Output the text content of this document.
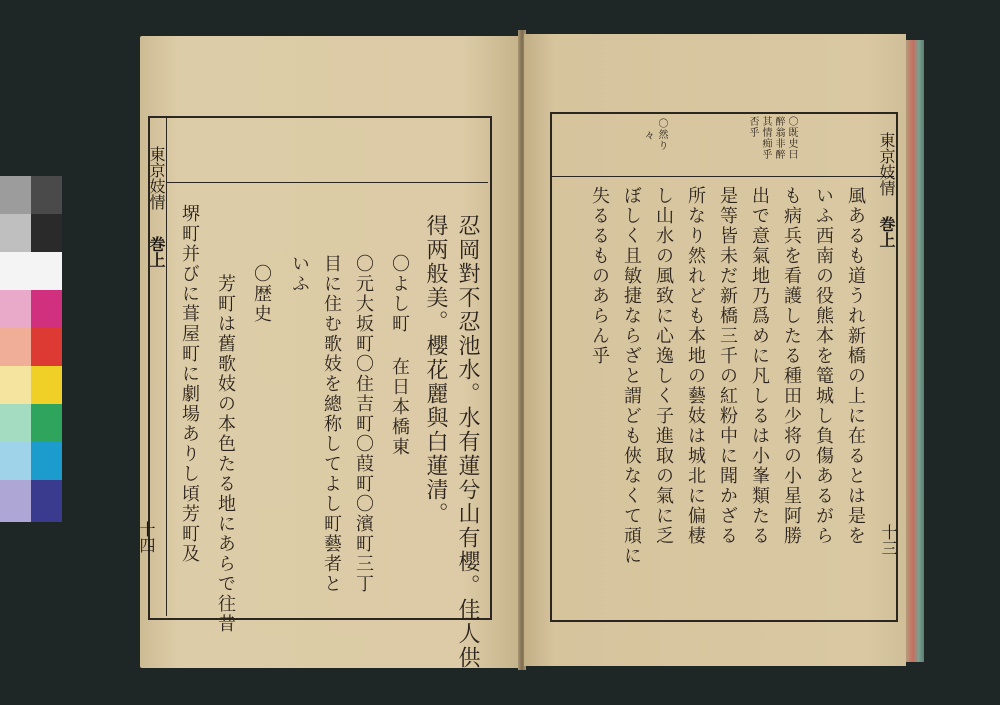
東京妓情
巻上
十四	忍岡對不忍池水。水有蓮兮山有櫻。佳人供
得两般美。櫻花麗與白蓮清。
〇よし町 在日本橋東
〇元大坂町〇住吉町〇葭町〇濱町三丁
目に住む歌妓を總称してよし町藝者と
いふ
〇歴史
芳町は舊歌妓の本色たる地にあらで往昔
堺町并びに葺屋町に劇場ありし頃芳町及
東京妓情
巻上
十三
〇既史曰
醉翁非醉
其情痴乎
否乎
〇然り
々
風あるも道うれ新橋の上に在るとは是を
いふ西南の役熊本を篭城し負傷あるがら
も病兵を看護したる種田少将の小星阿勝
出で意氣地乃爲めに凡しるは小峯類たる
是等皆未だ新橋三千の紅粉中に聞かざる
所なり然れども本地の藝妓は城北に偏棲
し山水の風致に心逸しく子進取の氣に乏
ぼしく且敏捷ならざと謂ども俠なくて頑に
失るるものあらん乎
